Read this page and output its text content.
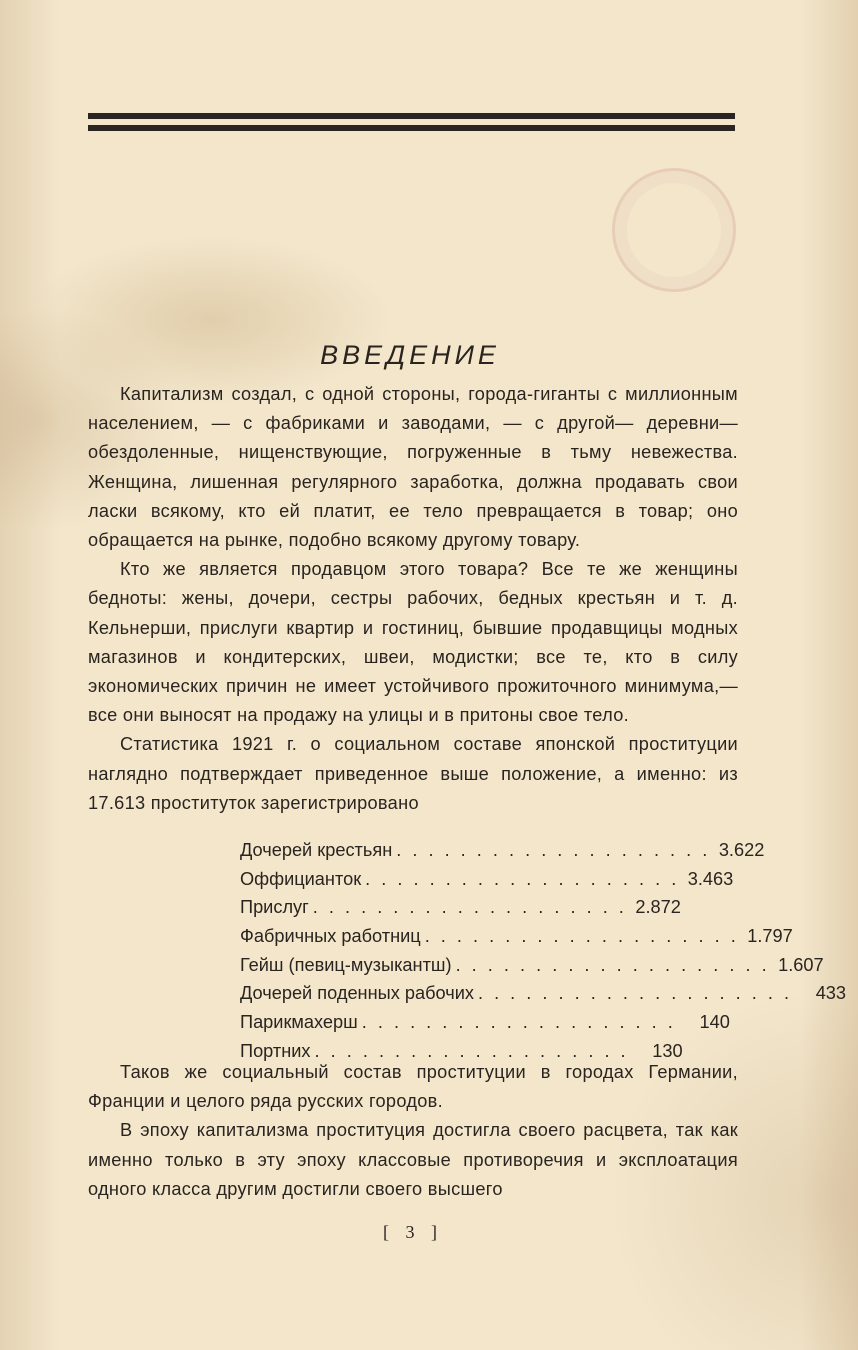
ВВЕДЕНИЕ

Капитализм создал, с одной стороны, города-гиганты с миллионным населением, — с фабриками и заводами, — с другой— деревни—обездоленные, нищенствующие, погруженные в тьму невежества. Женщина, лишенная регулярного заработка, должна продавать свои ласки всякому, кто ей платит, ее тело превращается в товар; оно обращается на рынке, подобно всякому другому товару.

Кто же является продавцом этого товара? Все те же женщины бедноты: жены, дочери, сестры рабочих, бедных крестьян и т. д. Кельнерши, прислуги квартир и гостиниц, бывшие продавщицы модных магазинов и кондитерских, швеи, модистки; все те, кто в силу экономических причин не имеет устойчивого прожиточного минимума,—все они выносят на продажу на улицы и в притоны свое тело.

Статистика 1921 г. о социальном составе японской проституции наглядно подтверждает приведенное выше положение, а именно: из 17.613 проституток зарегистрировано

Дочерей крестьян . . . . . . . . . . . . . . . . . . . . 3.622
Оффицианток . . . . . . . . . . . . . . . . . . . . 3.463
Прислуг . . . . . . . . . . . . . . . . . . . . 2.872
Фабричных работниц . . . . . . . . . . . . . . . . . . . . 1.797
Гейш (певиц-музыкантш) . . . . . . . . . . . . . . . . . . . . 1.607
Дочерей поденных рабочих . . . . . . . . . . . . . . . . . . . .	433
Парикмахерш . . . . . . . . . . . . . . . . . . . .	140
Портних . . . . . . . . . . . . . . . . . . . .	130

Таков же социальный состав проституции в городах Германии, Франции и целого ряда русских городов.

В эпоху капитализма проституция достигла своего расцвета, так как именно только в эту эпоху классовые противоречия и эксплоатация одного класса другим достигли своего высшего

[ 3 ]
